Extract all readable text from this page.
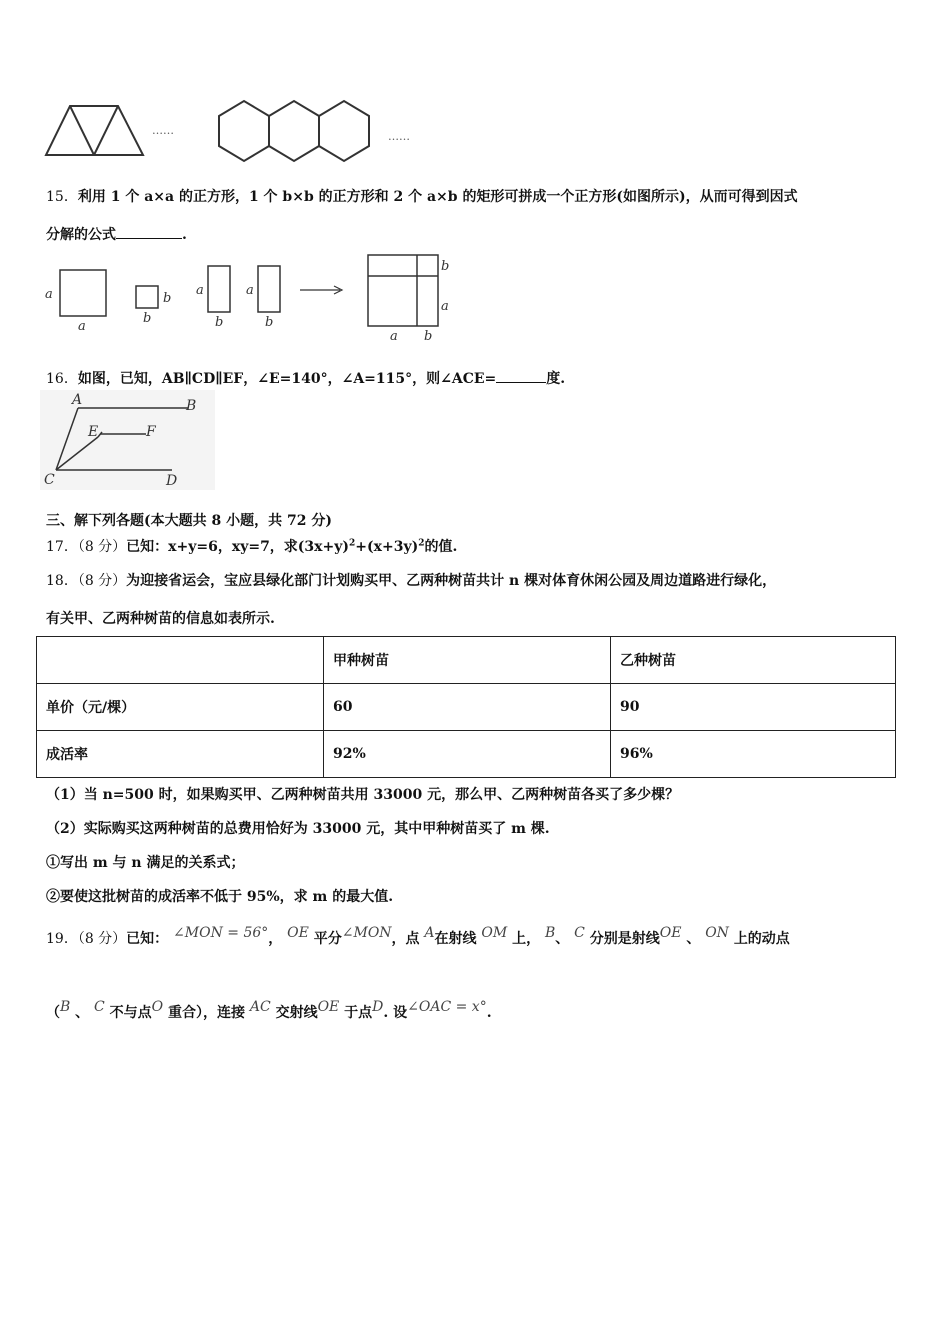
……	……
15．利用 1 个 a×a 的正方形，1 个 b×b 的正方形和 2 个 a×b 的矩形可拼成一个正方形(如图所示)，从而可得到因式
分解的公式	.
a
a
b
b
a
b
a
b
b
a
a b
16．如图，已知，AB∥CD∥EF，∠E=140°，∠A=115°，则∠ACE=	度.
A	B
E	F
C	D
三、解下列各题(本大题共 8 小题，共 72 分)
17．（8 分）已知：x+y=6，xy=7，求$(3x+y)^2+(x+3y)^2$的值.
18．（8 分）为迎接省运会，宝应县绿化部门计划购买甲、乙两种树苗共计 n 棵对体育休闲公园及周边道路进行绿化，
有关甲、乙两种树苗的信息如表所示.
	甲种树苗	乙种树苗
单价（元/棵）	60	90
成活率	92%	96%
（1）当 n=500 时，如果购买甲、乙两种树苗共用 33000 元，那么甲、乙两种树苗各买了多少棵？
（2）实际购买这两种树苗的总费用恰好为 33000 元，其中甲种树苗买了 m 棵.
①写出 m 与 n 满足的关系式；
②要使这批树苗的成活率不低于 95%，求 m 的最大值.
19．（8 分）已知： ∠MON = 56°， OE 平分∠MON，点 A在射线 OM 上， B、 C 分别是射线OE 、 ON 上的动点
（B 、 C 不与点O 重合），连接 AC 交射线OE 于点D. 设∠OAC = x°.
